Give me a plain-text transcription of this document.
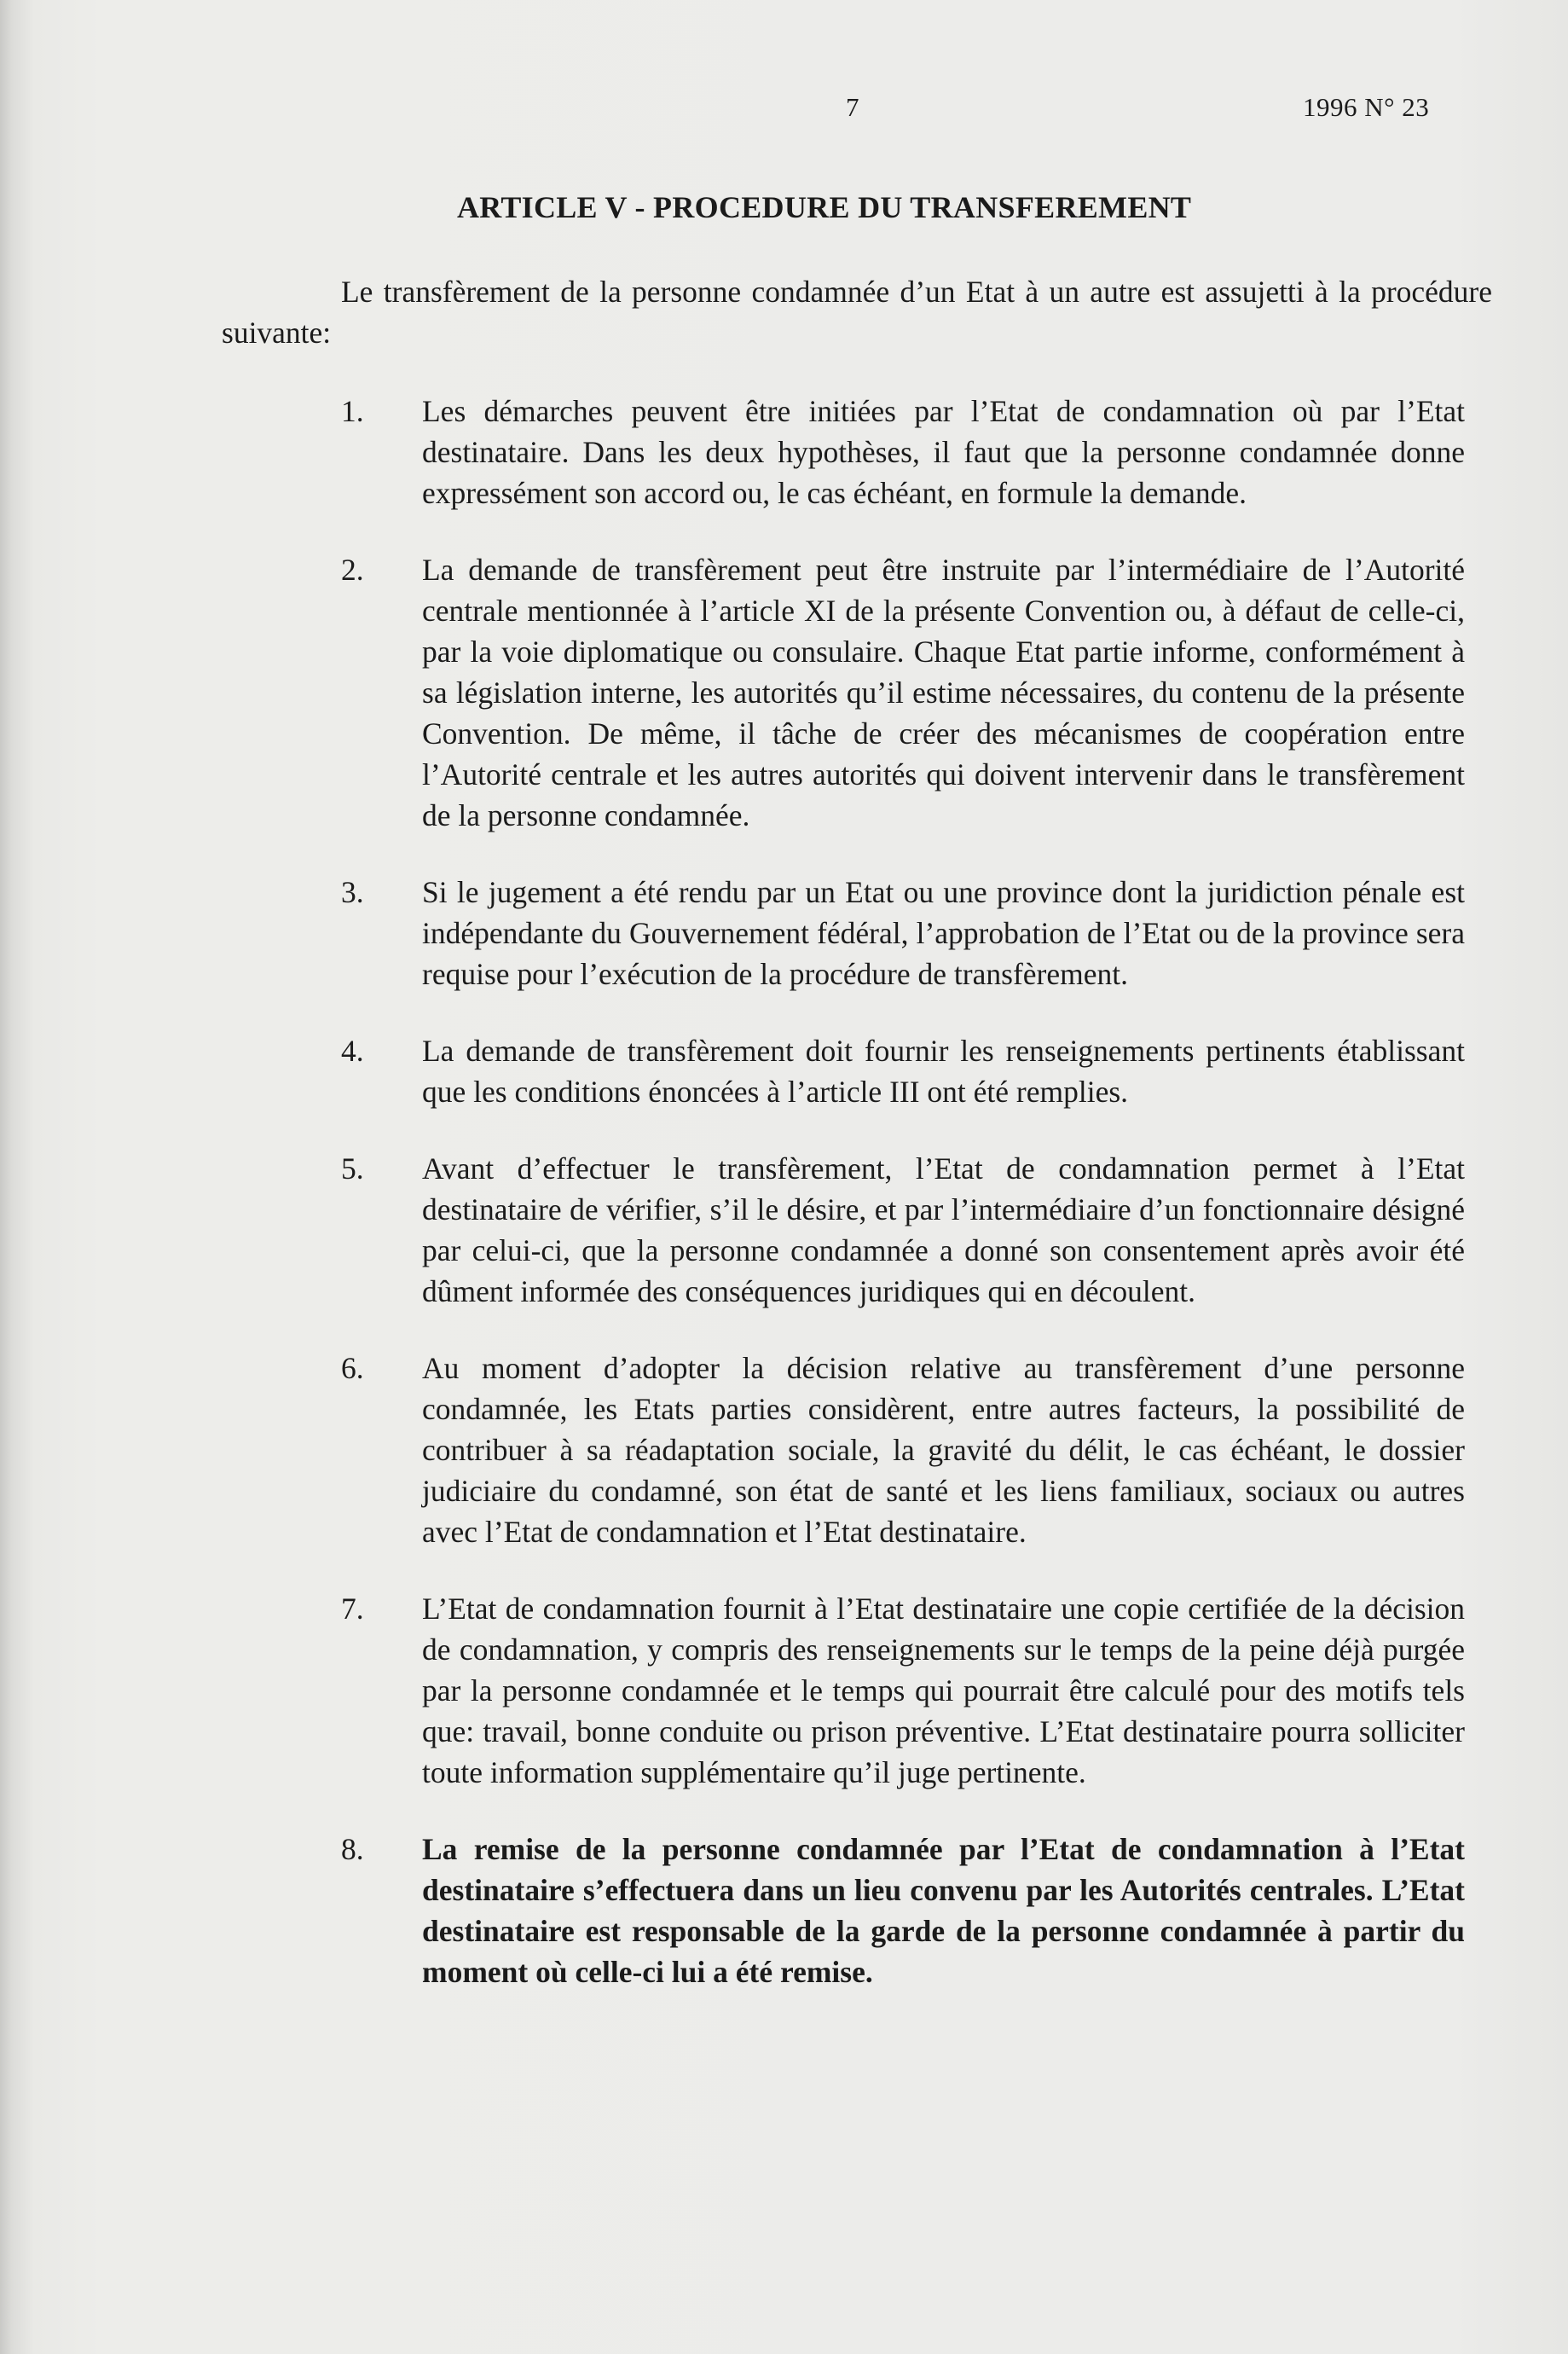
7	1996 N° 23
ARTICLE V - PROCEDURE DU TRANSFEREMENT
Le transfèrement de la personne condamnée d’un Etat à un autre est assujetti à la procédure suivante:
1.	Les démarches peuvent être initiées par l’Etat de condamnation où par l’Etat destinataire. Dans les deux hypothèses, il faut que la personne condamnée donne expressément son accord ou, le cas échéant, en formule la demande.
2.	La demande de transfèrement peut être instruite par l’intermédiaire de l’Autorité centrale mentionnée à l’article XI de la présente Convention ou, à défaut de celle-ci, par la voie diplomatique ou consulaire. Chaque Etat partie informe, conformément à sa législation interne, les autorités qu’il estime nécessaires, du contenu de la présente Convention. De même, il tâche de créer des mécanismes de coopération entre l’Autorité centrale et les autres autorités qui doivent intervenir dans le transfèrement de la personne condamnée.
3.	Si le jugement a été rendu par un Etat ou une province dont la juridiction pénale est indépendante du Gouvernement fédéral, l’approbation de l’Etat ou de la province sera requise pour l’exécution de la procédure de transfèrement.
4.	La demande de transfèrement doit fournir les renseignements pertinents établissant que les conditions énoncées à l’article III ont été remplies.
5.	Avant d’effectuer le transfèrement, l’Etat de condamnation permet à l’Etat destinataire de vérifier, s’il le désire, et par l’intermédiaire d’un fonctionnaire désigné par celui-ci, que la personne condamnée a donné son consentement après avoir été dûment informée des conséquences juridiques qui en découlent.
6.	Au moment d’adopter la décision relative au transfèrement d’une personne condamnée, les Etats parties considèrent, entre autres facteurs, la possibilité de contribuer à sa réadaptation sociale, la gravité du délit, le cas échéant, le dossier judiciaire du condamné, son état de santé et les liens familiaux, sociaux ou autres avec l’Etat de condamnation et l’Etat destinataire.
7.	L’Etat de condamnation fournit à l’Etat destinataire une copie certifiée de la décision de condamnation, y compris des renseignements sur le temps de la peine déjà purgée par la personne condamnée et le temps qui pourrait être calculé pour des motifs tels que: travail, bonne conduite ou prison préventive. L’Etat destinataire pourra solliciter toute information supplémentaire qu’il juge pertinente.
8.	La remise de la personne condamnée par l’Etat de condamnation à l’Etat destinataire s’effectuera dans un lieu convenu par les Autorités centrales. L’Etat destinataire est responsable de la garde de la personne condamnée à partir du moment où celle-ci lui a été remise.
